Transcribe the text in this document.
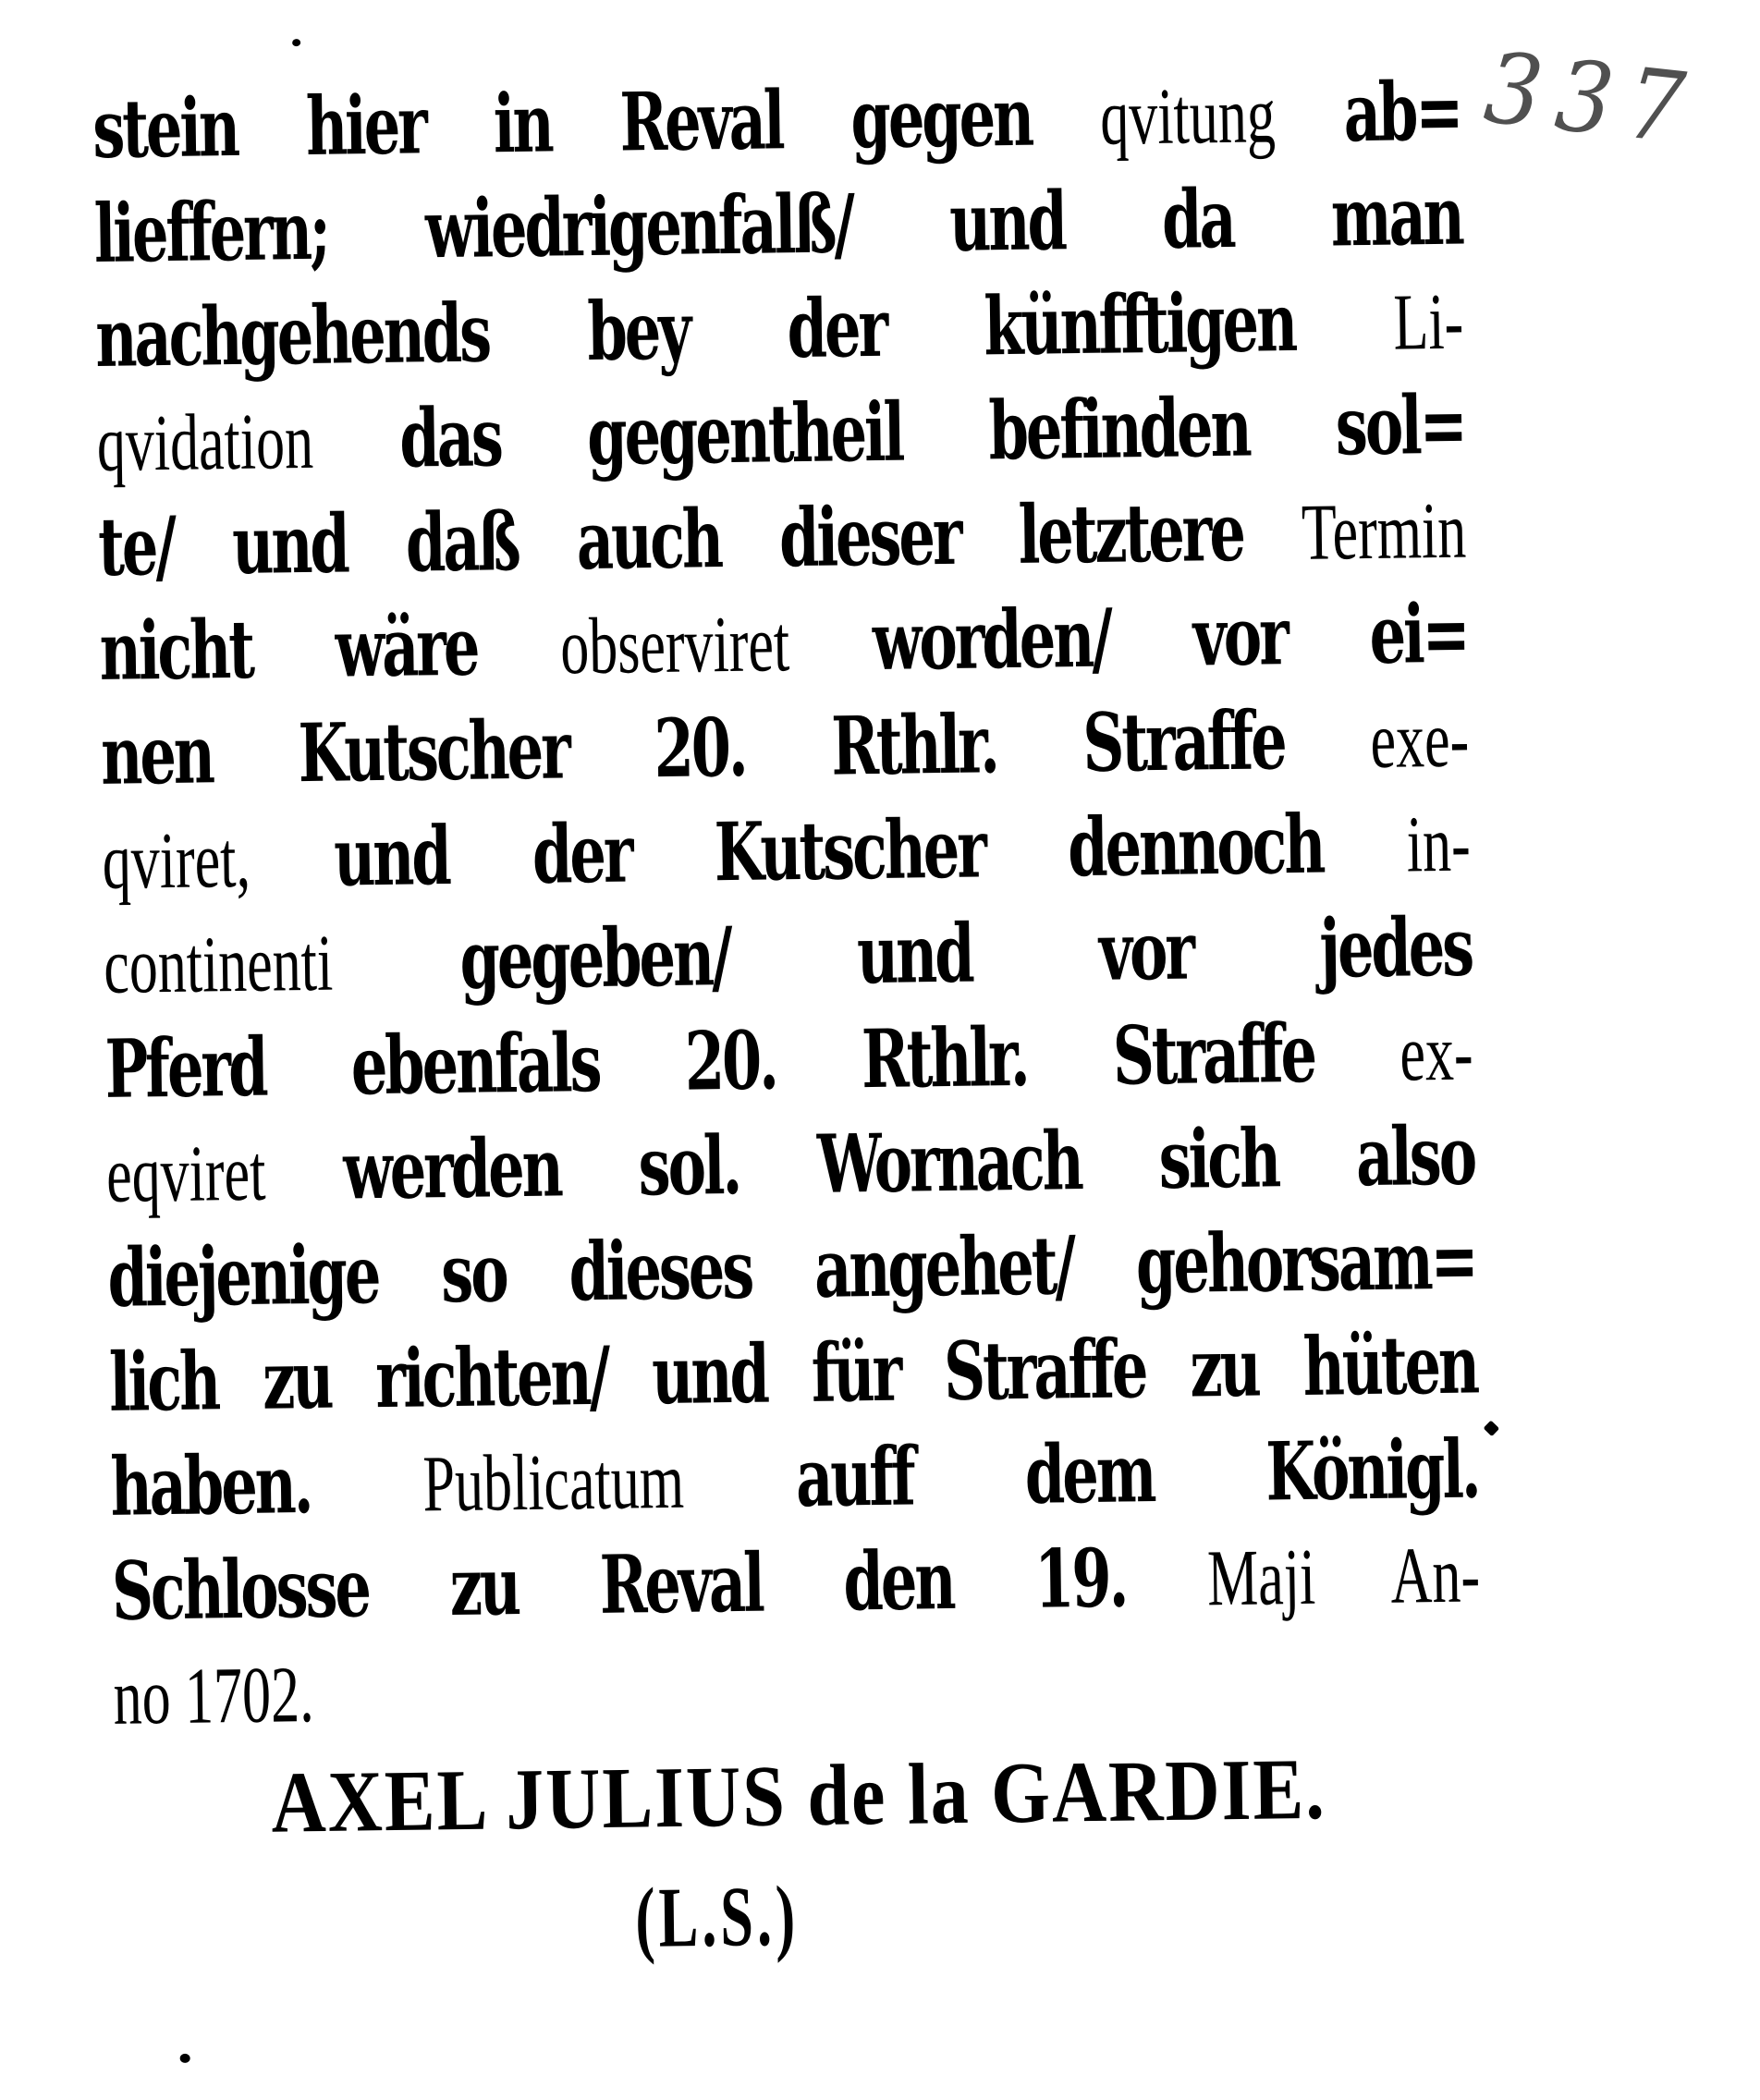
337
stein hier in Reval gegen qvitung ab=
lieffern; wiedrigenfalß/ und da man
nachgehends bey der künfftigen Li-
qvidation das gegentheil befinden sol=
te/ und daß auch dieser letztere Termin
nicht wäre observiret worden/ vor ei=
nen Kutscher 20. Rthlr. Straffe exe-
qviret, und der Kutscher dennoch in-
continenti gegeben/ und vor jedes
Pferd ebenfals 20. Rthlr. Straffe ex-
eqviret werden sol. Wornach sich also
diejenige so dieses angehet/ gehorsam=
lich zu richten/ und für Straffe zu hüten
haben. Publicatum auff dem Königl.
Schlosse zu Reval den 19. Maji An-
no 1702.
AXEL JULIUS de la GARDIE.
(L.S.)
